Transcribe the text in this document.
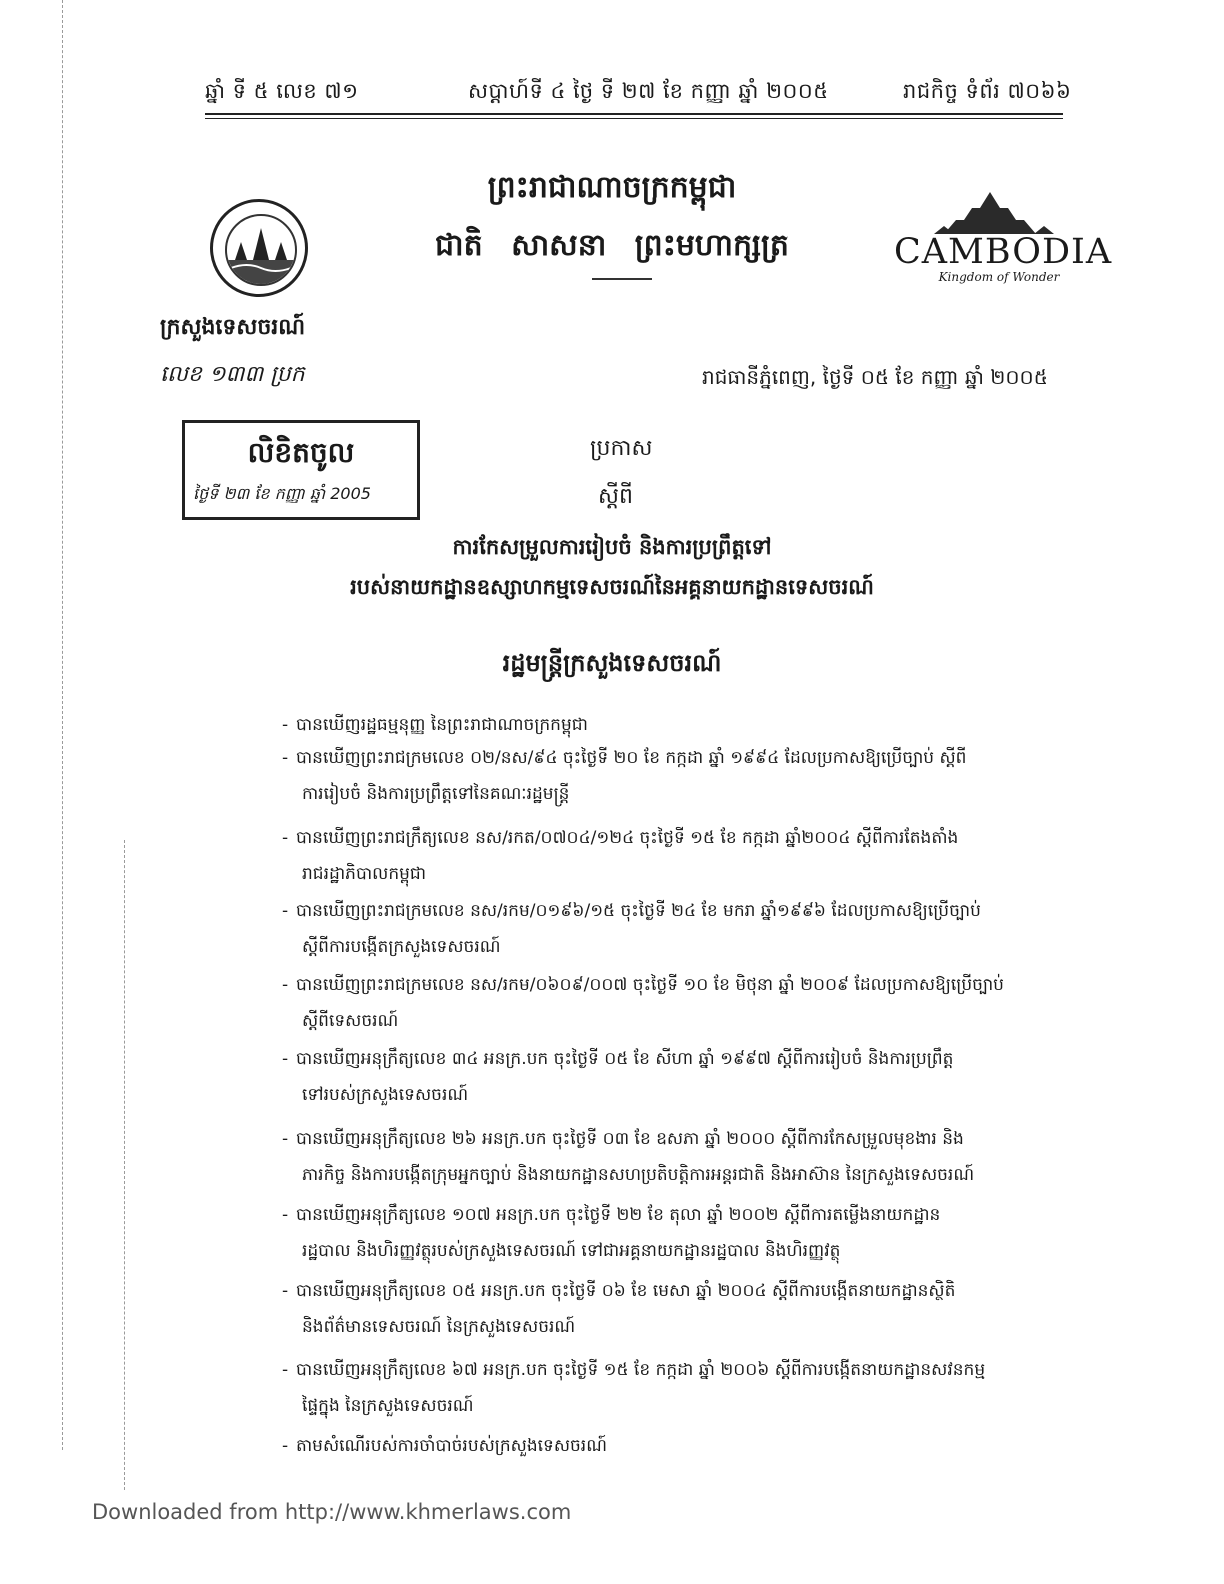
ឆ្នាំ ទី ៥ លេខ ៧១	សប្តាហ៍ទី ៤ ថ្ងៃ ទី ២៧ ខែ កញ្ញា ឆ្នាំ ២០០៥	រាជកិច្ច ទំព័រ ៧០៦៦
ព្រះរាជាណាចក្រកម្ពុជា
ជាតិ សាសនា ព្រះមហាក្សត្រ	CAMBODIA
Kingdom of Wonder
ក្រសួងទេសចរណ៍
លេខ ១៣៣ ប្រក	រាជធានីភ្នំពេញ, ថ្ងៃទី ០៥ ខែ កញ្ញា ឆ្នាំ ២០០៥
លិខិតចូល
ថ្ងៃទី ២៣ ខែ កញ្ញា ឆ្នាំ 2005
ប្រកាស
ស្តីពី
ការកែសម្រួលការរៀបចំ និងការប្រព្រឹត្តទៅ
របស់នាយកដ្ឋានឧស្សាហកម្មទេសចរណ៍នៃអគ្គនាយកដ្ឋានទេសចរណ៍
រដ្ឋមន្ត្រីក្រសួងទេសចរណ៍
- បានឃើញរដ្ឋធម្មនុញ្ញ នៃព្រះរាជាណាចក្រកម្ពុជា
- បានឃើញព្រះរាជក្រមលេខ ០២/នស/៩៤ ចុះថ្ងៃទី ២០ ខែ កក្កដា ឆ្នាំ ១៩៩៤ ដែលប្រកាសឱ្យប្រើច្បាប់ ស្តីពី
ការរៀបចំ និងការប្រព្រឹត្តទៅនៃគណៈរដ្ឋមន្ត្រី
- បានឃើញព្រះរាជក្រឹត្យលេខ នស/រកត/០៧០៤/១២៤ ចុះថ្ងៃទី ១៥ ខែ កក្កដា ឆ្នាំ២០០៤ ស្តីពីការតែងតាំង
រាជរដ្ឋាភិបាលកម្ពុជា
- បានឃើញព្រះរាជក្រមលេខ នស/រកម/០១៩៦/១៥ ចុះថ្ងៃទី ២៤ ខែ មករា ឆ្នាំ១៩៩៦ ដែលប្រកាសឱ្យប្រើច្បាប់
ស្តីពីការបង្កើតក្រសួងទេសចរណ៍
- បានឃើញព្រះរាជក្រមលេខ នស/រកម/០៦០៩/០០៧ ចុះថ្ងៃទី ១០ ខែ មិថុនា ឆ្នាំ ២០០៩ ដែលប្រកាសឱ្យប្រើច្បាប់
ស្តីពីទេសចរណ៍
- បានឃើញអនុក្រឹត្យលេខ ៣៤ អនក្រ.បក ចុះថ្ងៃទី ០៥ ខែ សីហា ឆ្នាំ ១៩៩៧ ស្តីពីការរៀបចំ និងការប្រព្រឹត្ត
ទៅរបស់ក្រសួងទេសចរណ៍
- បានឃើញអនុក្រឹត្យលេខ ២៦ អនក្រ.បក ចុះថ្ងៃទី ០៣ ខែ ឧសភា ឆ្នាំ ២០០០ ស្តីពីការកែសម្រួលមុខងារ និង
ភារកិច្ច និងការបង្កើតក្រុមអ្នកច្បាប់ និងនាយកដ្ឋានសហប្រតិបត្តិការអន្តរជាតិ និងអាស៊ាន នៃក្រសួងទេសចរណ៍
- បានឃើញអនុក្រឹត្យលេខ ១០៧ អនក្រ.បក ចុះថ្ងៃទី ២២ ខែ តុលា ឆ្នាំ ២០០២ ស្តីពីការតម្លើងនាយកដ្ឋាន
រដ្ឋបាល និងហិរញ្ញវត្ថុរបស់ក្រសួងទេសចរណ៍ ទៅជាអគ្គនាយកដ្ឋានរដ្ឋបាល និងហិរញ្ញវត្ថុ
- បានឃើញអនុក្រឹត្យលេខ ០៥ អនក្រ.បក ចុះថ្ងៃទី ០៦ ខែ មេសា ឆ្នាំ ២០០៤ ស្តីពីការបង្កើតនាយកដ្ឋានស្ថិតិ
និងព័ត៌មានទេសចរណ៍ នៃក្រសួងទេសចរណ៍
- បានឃើញអនុក្រឹត្យលេខ ៦៧ អនក្រ.បក ចុះថ្ងៃទី ១៥ ខែ កក្កដា ឆ្នាំ ២០០៦ ស្តីពីការបង្កើតនាយកដ្ឋានសវនកម្ម
ផ្ទៃក្នុង នៃក្រសួងទេសចរណ៍
- តាមសំណើរបស់ការចាំបាច់របស់ក្រសួងទេសចរណ៍
Downloaded from http://www.khmerlaws.com
